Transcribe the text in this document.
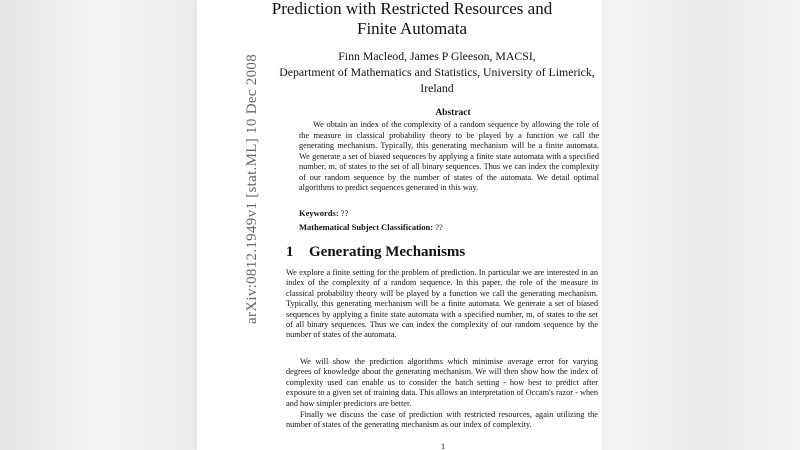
arXiv:0812.1949v1 [stat.ML] 10 Dec 2008
Prediction with Restricted Resources and Finite Automata
Finn Macleod, James P Gleeson, MACSI,
Department of Mathematics and Statistics, University of Limerick, Ireland
Abstract
We obtain an index of the complexity of a random sequence by allowing the role of the measure in classical probability theory to be played by a function we call the generating mechanism. Typically, this generating mechanism will be a finite automata. We generate a set of biased sequences by applying a finite state automata with a specified number, m, of states to the set of all binary sequences. Thus we can index the complexity of our random sequence by the number of states of the automata. We detail optimal algorithms to predict sequences generated in this way.
Keywords: ??
Mathematical Subject Classification: ??
1 Generating Mechanisms
We explore a finite setting for the problem of prediction. In particular we are interested in an index of the complexity of a random sequence. In this paper, the role of the measure in classical probability theory will be played by a function we call the generating mechanism. Typically, this generating mechanism will be a finite automata. We generate a set of biased sequences by applying a finite state automata with a specified number, m, of states to the set of all binary sequences. Thus we can index the complexity of our random sequence by the number of states of the automata.
We will show the prediction algorithms which minimise average error for varying degrees of knowledge about the generating mechanism. We will then show how the index of complexity used can enable us to consider the batch setting - how best to predict after exposure to a given set of training data. This allows an interpretation of Occam's razor - when and how simpler predictors are better.
Finally we discuss the case of prediction with restricted resources, again utilizing the number of states of the generating mechanism as our index of complexity.
1
